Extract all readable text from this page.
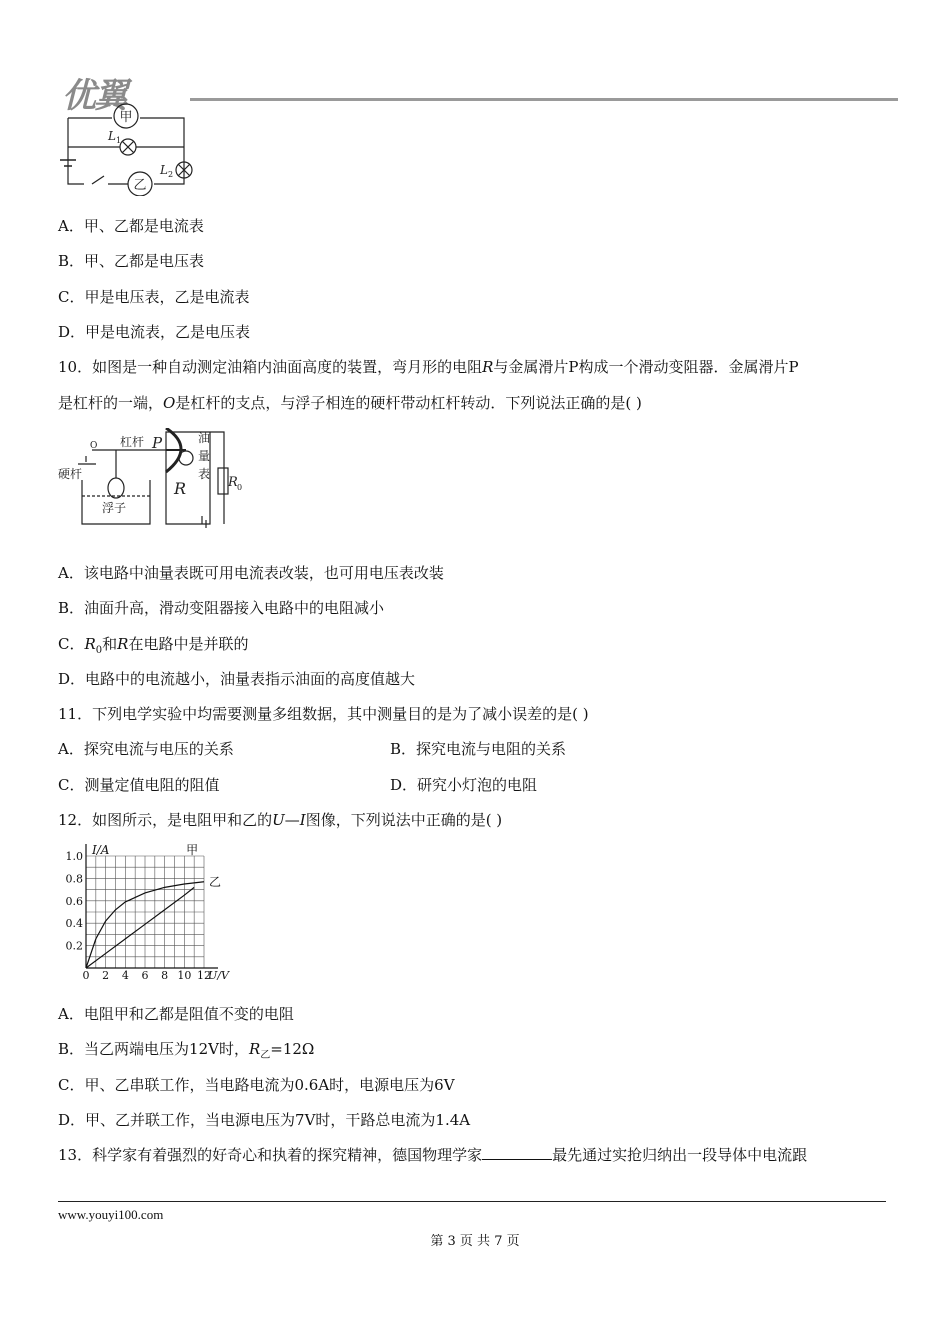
优翼
甲
乙
L 1
L 2
A．甲、乙都是电流表
B．甲、乙都是电压表
C．甲是电压表，乙是电流表
D．甲是电流表，乙是电压表
10．如图是一种自动测定油箱内油面高度的装置，弯月形的电阻R与金属滑片P构成一个滑动变阻器．金属滑片P
是杠杆的一端，O是杠杆的支点，与浮子相连的硬杆带动杠杆转动．下列说法正确的是( )
O 杠杆 P
硬杆
浮子
R
油
量
表
R 0
A．该电路中油量表既可用电流表改装，也可用电压表改装
B．油面升高，滑动变阻器接入电路中的电阻减小
C．$R_0$和R在电路中是并联的
D．电路中的电流越小，油量表指示油面的高度值越大
11．下列电学实验中均需要测量多组数据，其中测量目的是为了减小误差的是( )
A．探究电流与电压的关系	B．探究电流与电阻的关系
C．测量定值电阻的阻值	D．研究小灯泡的电阻
12．如图所示，是电阻甲和乙的U—I图像，下列说法中正确的是( )
0 2 4 6 8 10 12
0.2
0.4
0.6
0.8
1.0
U/V
I/A	甲
乙
A．电阻甲和乙都是阻值不变的电阻
B．当乙两端电压为12V时，$R_乙=12\Omega$
C．甲、乙串联工作，当电路电流为0.6A时，电源电压为6V
D．甲、乙并联工作，当电源电压为7V时，干路总电流为1.4A
13．科学家有着强烈的好奇心和执着的探究精神，德国物理学家	最先通过实抢归纳出一段导体中电流跟
www.youyi100.com
第 3 页 共 7 页
